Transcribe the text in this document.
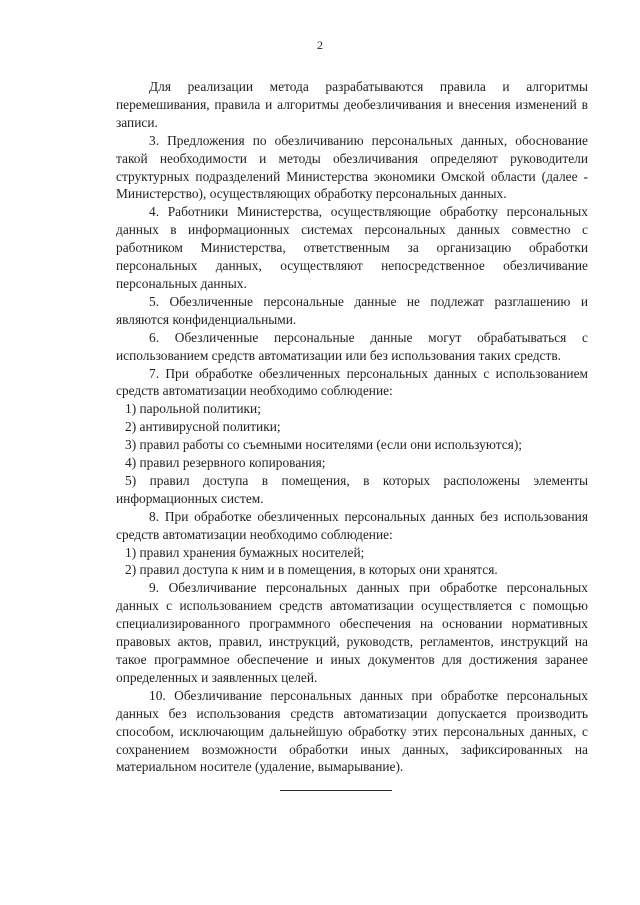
2

Для реализации метода разрабатываются правила и алгоритмы перемешивания, правила и алгоритмы деобезличивания и внесения изменений в записи.

3. Предложения по обезличиванию персональных данных, обоснование такой необходимости и методы обезличивания определяют руководители структурных подразделений Министерства экономики Омской области (далее - Министерство), осуществляющих обработку персональных данных.

4. Работники Министерства, осуществляющие обработку персональных данных в информационных системах персональных данных совместно с работником Министерства, ответственным за организацию обработки персональных данных, осуществляют непосредственное обезличивание персональных данных.

5. Обезличенные персональные данные не подлежат разглашению и являются конфиденциальными.

6. Обезличенные персональные данные могут обрабатываться с использованием средств автоматизации или без использования таких средств.

7. При обработке обезличенных персональных данных с использованием средств автоматизации необходимо соблюдение:

1) парольной политики;

2) антивирусной политики;

3) правил работы со съемными носителями (если они используются);

4) правил резервного копирования;

5) правил доступа в помещения, в которых расположены элементы информационных систем.

8. При обработке обезличенных персональных данных без использования средств автоматизации необходимо соблюдение:

1) правил хранения бумажных носителей;

2) правил доступа к ним и в помещения, в которых они хранятся.

9. Обезличивание персональных данных при обработке персональных данных с использованием средств автоматизации осуществляется с помощью специализированного программного обеспечения на основании нормативных правовых актов, правил, инструкций, руководств, регламентов, инструкций на такое программное обеспечение и иных документов для достижения заранее определенных и заявленных целей.

10. Обезличивание персональных данных при обработке персональных данных без использования средств автоматизации допускается производить способом, исключающим дальнейшую обработку этих персональных данных, с сохранением возможности обработки иных данных, зафиксированных на материальном носителе (удаление, вымарывание).
